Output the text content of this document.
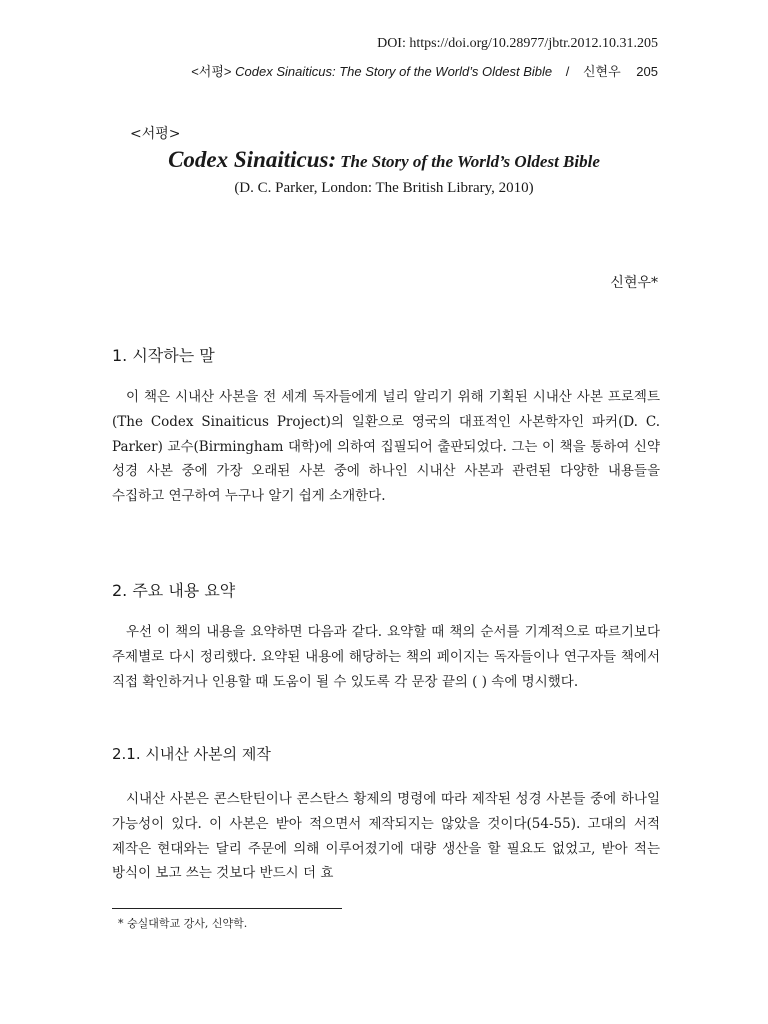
DOI: https://doi.org/10.28977/jbtr.2012.10.31.205
<서평> Codex Sinaiticus: The Story of the World’s Oldest Bible / 신현우 205
<서평>
Codex Sinaiticus: The Story of the World’s Oldest Bible
(D. C. Parker, London: The British Library, 2010)
신현우*
1. 시작하는 말

이 책은 시내산 사본을 전 세계 독자들에게 널리 알리기 위해 기획된 시내산 사본 프로젝트(The Codex Sinaiticus Project)의 일환으로 영국의 대표적인 사본학자인 파커(D. C. Parker) 교수(Birmingham 대학)에 의하여 집필되어 출판되었다. 그는 이 책을 통하여 신약 성경 사본 중에 가장 오래된 사본 중에 하나인 시내산 사본과 관련된 다양한 내용들을 수집하고 연구하여 누구나 알기 쉽게 소개한다.

2. 주요 내용 요약

우선 이 책의 내용을 요약하면 다음과 같다. 요약할 때 책의 순서를 기계적으로 따르기보다 주제별로 다시 정리했다. 요약된 내용에 해당하는 책의 페이지는 독자들이나 연구자들 책에서 직접 확인하거나 인용할 때 도움이 될 수 있도록 각 문장 끝의 ( ) 속에 명시했다.

2.1. 시내산 사본의 제작

시내산 사본은 콘스탄틴이나 콘스탄스 황제의 명령에 따라 제작된 성경 사본들 중에 하나일 가능성이 있다. 이 사본은 받아 적으면서 제작되지는 않았을 것이다(54-55). 고대의 서적 제작은 현대와는 달리 주문에 의해 이루어졌기에 대량 생산을 할 필요도 없었고, 받아 적는 방식이 보고 쓰는 것보다 반드시 더 효

* 숭실대학교 강사, 신약학.
